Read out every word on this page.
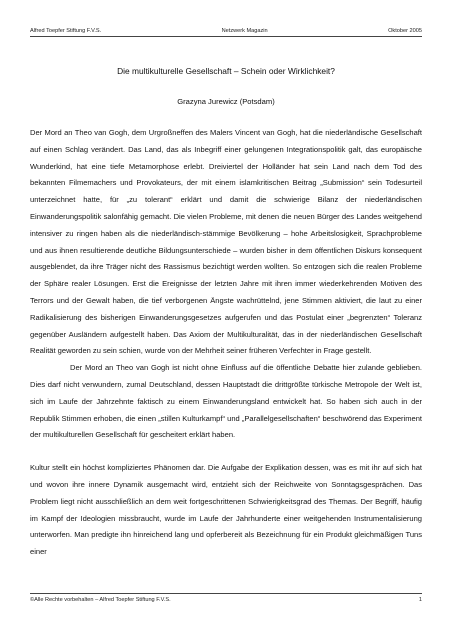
Alfred Toepfer Stiftung F.V.S.	Netzwerk Magazin	Oktober 2005
Die multikulturelle Gesellschaft – Schein oder Wirklichkeit?
Grazyna Jurewicz (Potsdam)

Der Mord an Theo van Gogh, dem Urgroßneffen des Malers Vincent van Gogh, hat die niederländische Gesellschaft auf einen Schlag verändert. Das Land, das als Inbegriff einer gelungenen Integrationspolitik galt, das europäische Wunderkind, hat eine tiefe Metamorphose erlebt. Dreiviertel der Holländer hat sein Land nach dem Tod des bekannten Filmemachers und Provokateurs, der mit einem islamkritischen Beitrag „Submission“ sein Todesurteil unterzeichnet hatte, für „zu tolerant“ erklärt und damit die schwierige Bilanz der niederländischen Einwanderungspolitik salonfähig gemacht. Die vielen Probleme, mit denen die neuen Bürger des Landes weitgehend intensiver zu ringen haben als die niederländisch-stämmige Bevölkerung – hohe Arbeitslosigkeit, Sprachprobleme und aus ihnen resultierende deutliche Bildungsunterschiede – wurden bisher in dem öffentlichen Diskurs konsequent ausgeblendet, da ihre Träger nicht des Rassismus bezichtigt werden wollten. So entzogen sich die realen Probleme der Sphäre realer Lösungen. Erst die Ereignisse der letzten Jahre mit ihren immer wiederkehrenden Motiven des Terrors und der Gewalt haben, die tief verborgenen Ängste wachrüttelnd, jene Stimmen aktiviert, die laut zu einer Radikalisierung des bisherigen Einwanderungsgesetzes aufgerufen und das Postulat einer „begrenzten“ Toleranz gegenüber Ausländern aufgestellt haben. Das Axiom der Multikulturalität, das in der niederländischen Gesellschaft Realität geworden zu sein schien, wurde von der Mehrheit seiner früheren Verfechter in Frage gestellt.

Der Mord an Theo van Gogh ist nicht ohne Einfluss auf die öffentliche Debatte hier zulande geblieben. Dies darf nicht verwundern, zumal Deutschland, dessen Hauptstadt die drittgrößte türkische Metropole der Welt ist, sich im Laufe der Jahrzehnte faktisch zu einem Einwanderungsland entwickelt hat. So haben sich auch in der Republik Stimmen erhoben, die einen „stillen Kulturkampf“ und „Parallelgesellschaften“ beschwörend das Experiment der multikulturellen Gesellschaft für gescheitert erklärt haben.

Kultur stellt ein höchst kompliziertes Phänomen dar. Die Aufgabe der Explikation dessen, was es mit ihr auf sich hat und wovon ihre innere Dynamik ausgemacht wird, entzieht sich der Reichweite von Sonntagsgesprächen. Das Problem liegt nicht ausschließlich an dem weit fortgeschrittenen Schwierigkeitsgrad des Themas. Der Begriff, häufig im Kampf der Ideologien missbraucht, wurde im Laufe der Jahrhunderte einer weitgehenden Instrumentalisierung unterworfen. Man predigte ihn hinreichend lang und opferbereit als Bezeichnung für ein Produkt gleichmäßigen Tuns einer

©Alle Rechte vorbehalten – Alfred Toepfer Stiftung F.V.S.	1
